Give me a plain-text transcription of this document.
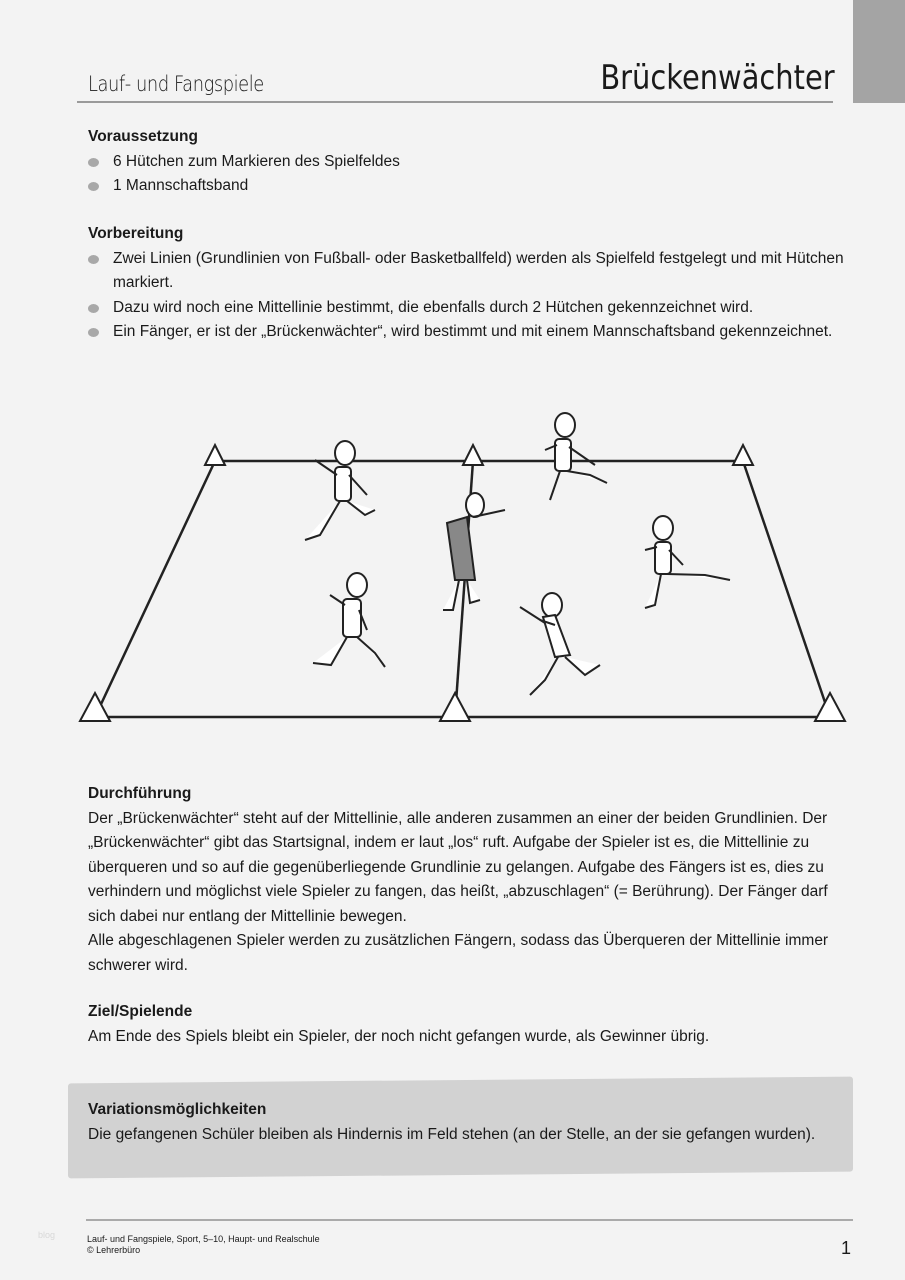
Lauf- und Fangspiele	Brückenwächter
Voraussetzung
6 Hütchen zum Markieren des Spielfeldes
1 Mannschaftsband
Vorbereitung
Zwei Linien (Grundlinien von Fußball- oder Basketballfeld) werden als Spielfeld festgelegt und mit Hütchen markiert.
Dazu wird noch eine Mittellinie bestimmt, die ebenfalls durch 2 Hütchen gekennzeichnet wird.
Ein Fänger, er ist der „Brückenwächter“, wird bestimmt und mit einem Mannschaftsband gekennzeichnet.
Durchführung

Der „Brückenwächter“ steht auf der Mittellinie, alle anderen zusammen an einer der beiden Grundlinien. Der „Brückenwächter“ gibt das Startsignal, indem er laut „los“ ruft. Aufgabe der Spieler ist es, die Mittellinie zu überqueren und so auf die gegenüberliegende Grundlinie zu gelangen. Aufgabe des Fängers ist es, dies zu verhindern und möglichst viele Spieler zu fangen, das heißt, „abzuschlagen“ (= Berührung). Der Fänger darf sich dabei nur entlang der Mittellinie bewegen.

Alle abgeschlagenen Spieler werden zu zusätzlichen Fängern, sodass das Überqueren der Mittellinie immer schwerer wird.

Ziel/Spielende

Am Ende des Spiels bleibt ein Spieler, der noch nicht gefangen wurde, als Gewinner übrig.

Variationsmöglichkeiten

Die gefangenen Schüler bleiben als Hindernis im Feld stehen (an der Stelle, an der sie gefangen wurden).

blog	Lauf- und Fangspiele, Sport, 5–10, Haupt- und Realschule
© Lehrerbüro	1
